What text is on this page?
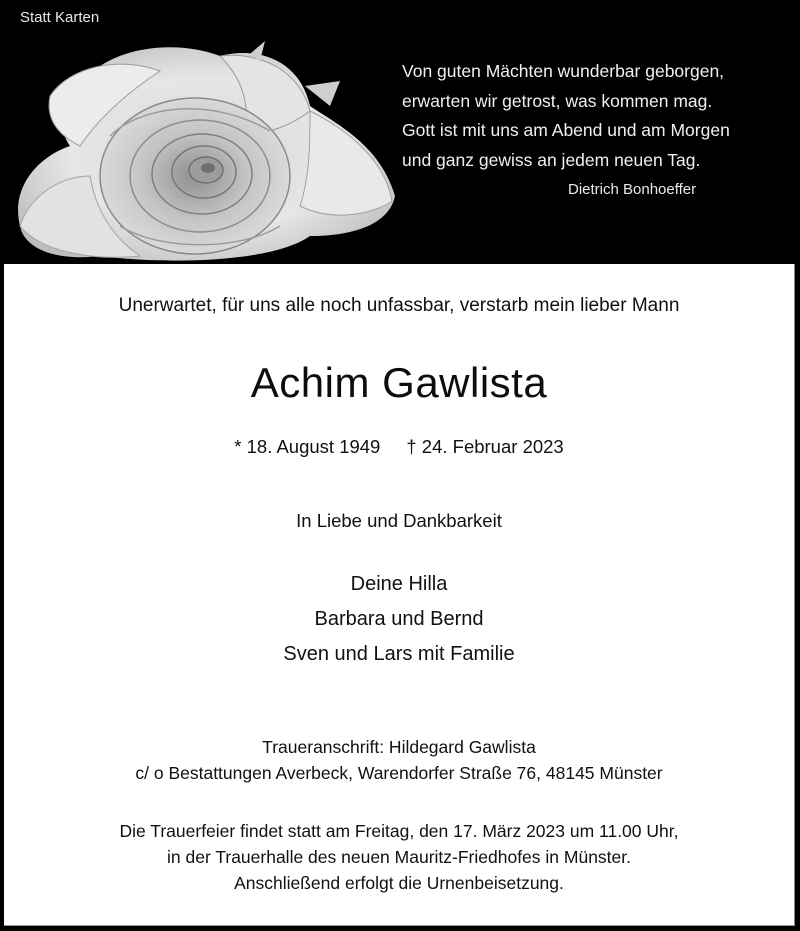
Statt Karten
Von guten Mächten wunderbar geborgen,
erwarten wir getrost, was kommen mag.
Gott ist mit uns am Abend und am Morgen
und ganz gewiss an jedem neuen Tag.
Dietrich Bonhoeffer
Unerwartet, für uns alle noch unfassbar, verstarb mein lieber Mann
Achim Gawlista
* 18. August 1949 † 24. Februar 2023
In Liebe und Dankbarkeit
Deine Hilla
Barbara und Bernd
Sven und Lars mit Familie
Traueranschrift: Hildegard Gawlista
c/ o Bestattungen Averbeck, Warendorfer Straße 76, 48145 Münster
Die Trauerfeier findet statt am Freitag, den 17. März 2023 um 11.00 Uhr,
in der Trauerhalle des neuen Mauritz-Friedhofes in Münster.
Anschließend erfolgt die Urnenbeisetzung.
